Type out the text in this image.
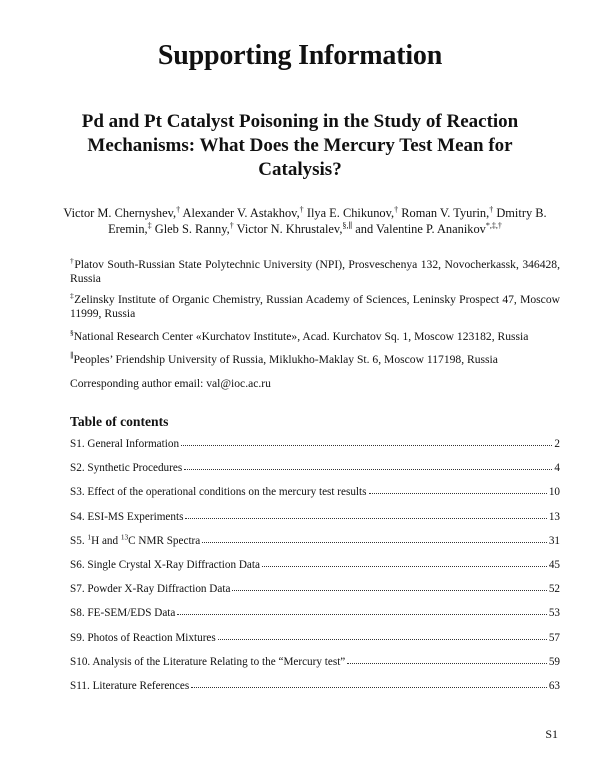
Supporting Information
Pd and Pt Catalyst Poisoning in the Study of Reaction Mechanisms: What Does the Mercury Test Mean for Catalysis?
Victor M. Chernyshev,† Alexander V. Astakhov,† Ilya E. Chikunov,† Roman V. Tyurin,† Dmitry B. Eremin,‡ Gleb S. Ranny,† Victor N. Khrustalev,§,∥ and Valentine P. Ananikov*,‡,†
†Platov South-Russian State Polytechnic University (NPI), Prosveschenya 132, Novocherkassk, 346428, Russia
‡Zelinsky Institute of Organic Chemistry, Russian Academy of Sciences, Leninsky Prospect 47, Moscow 11999, Russia
§National Research Center «Kurchatov Institute», Acad. Kurchatov Sq. 1, Moscow 123182, Russia
∥Peoples’ Friendship University of Russia, Miklukho-Maklay St. 6, Moscow 117198, Russia
Corresponding author email: val@ioc.ac.ru
Table of contents
S1. General Information	2
S2. Synthetic Procedures	4
S3. Effect of the operational conditions on the mercury test results	10
S4. ESI-MS Experiments	13
S5. $^1$H and $^{13}$C NMR Spectra	31
S6. Single Crystal X-Ray Diffraction Data	45
S7. Powder X-Ray Diffraction Data	52
S8. FE-SEM/EDS Data	53
S9. Photos of Reaction Mixtures	57
S10. Analysis of the Literature Relating to the “Mercury test”	59
S11. Literature References	63
S1
